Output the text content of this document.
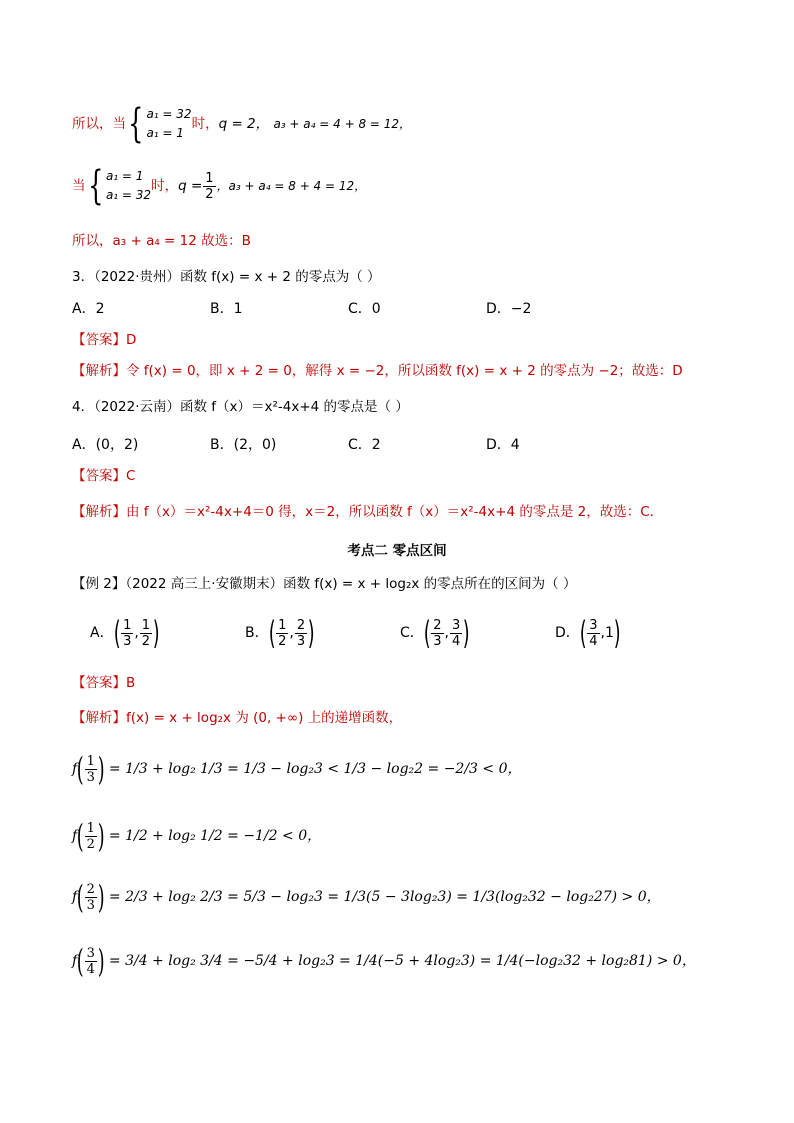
所以，当{ a₁ = 32
a₁ = 1时，q = 2， a₃ + a₄ = 4 + 8 = 12，
当{ a₁ = 1
a₁ = 32时，$q = \frac{1}{2}$ ，a₃ + a₄ = 8 + 4 = 12，
所以，a₃ + a₄ = 12 故选：B
3．（2022·贵州）函数 f(x) = x + 2 的零点为（ ）
A．2	B．1	C．0	D．−2
【答案】D
【解析】令 f(x) = 0，即 x + 2 = 0，解得 x = −2，所以函数 f(x) = x + 2 的零点为 −2；故选：D
4．（2022·云南）函数 f（x）＝x²-4x+4 的零点是（ ）
A．(0，2)	B．(2，0)	C．2	D．4
【答案】C
【解析】由 f（x）＝x²-4x+4＝0 得，x＝2，所以函数 f（x）＝x²-4x+4 的零点是 2，故选：C．
考点二 零点区间
【例 2】（2022 高三上·安徽期末）函数 f(x) = x + log₂x 的零点所在的区间为（ ）
A．( $\frac{1}{3}$ , $\frac{1}{2}$ )	B．( $\frac{1}{2}$ , $\frac{2}{3}$ )	C．( $\frac{2}{3}$ , $\frac{3}{4}$ )	D．( $\frac{3}{4} ,1$)
【答案】B
【解析】f(x) = x + log₂x 为 (0, +∞) 上的递增函数，
$f( \frac{1}{3}$ ) = 1/3 + log₂ 1/3 = 1/3 − log₂3 < 1/3 − log₂2 = −2/3 < 0，
$f( \frac{1}{2}$ ) = 1/2 + log₂ 1/2 = −1/2 < 0，
$f( \frac{2}{3}$ ) = 2/3 + log₂ 2/3 = 5/3 − log₂3 = 1/3(5 − 3log₂3) = 1/3(log₂32 − log₂27) > 0，
$f( \frac{3}{4}$ ) = 3/4 + log₂ 3/4 = −5/4 + log₂3 = 1/4(−5 + 4log₂3) = 1/4(−log₂32 + log₂81) > 0，
